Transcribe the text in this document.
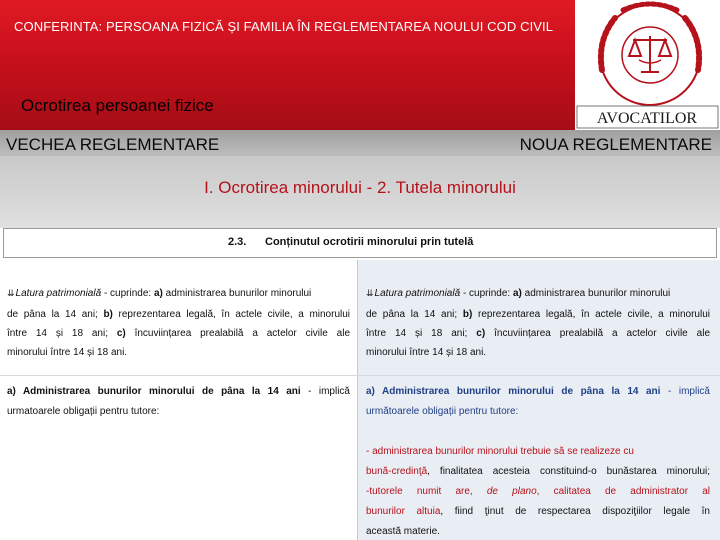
CONFERINTA: PERSOANA FIZICĂ ȘI FAMILIA ÎN REGLEMENTAREA NOULUI COD CIVIL
Ocrotirea persoanei fizice
AVOCATILOR
VECHEA REGLEMENTARE	NOUA REGLEMENTARE
I. Ocrotirea minorului - 2. Tutela minorului
2.3. Conținutul ocrotirii minorului prin tutelă
⇊Latura patrimonială - cuprinde: a) administrarea bunurilor minorului
de pâna la 14 ani; b) reprezentarea legală, în actele civile, a minorului
între 14 și 18 ani; c) încuviințarea prealabilă a actelor civile ale
minorului între 14 și 18 ani.
a) Administrarea bunurilor minorului de pâna la 14 ani - implică
urmatoarele obligații pentru tutore:
⇊Latura patrimonială - cuprinde: a) administrarea bunurilor minorului
de pâna la 14 ani; b) reprezentarea legală, în actele civile, a minorului
între 14 și 18 ani; c) încuviințarea prealabilă a actelor civile ale
minorului între 14 și 18 ani.
a) Administrarea bunurilor minorului de pâna la 14 ani - implică
următoarele obligații pentru tutore:
- administrarea bunurilor minorului trebuie să se realizeze cu
bună-credinţă, finalitatea acesteia constituind-o bunăstarea minorului;
-tutorele numit are, de plano, calitatea de administrator al
bunurilor altuia, fiind ţinut de respectarea dispoziţiilor legale în
această materie.
